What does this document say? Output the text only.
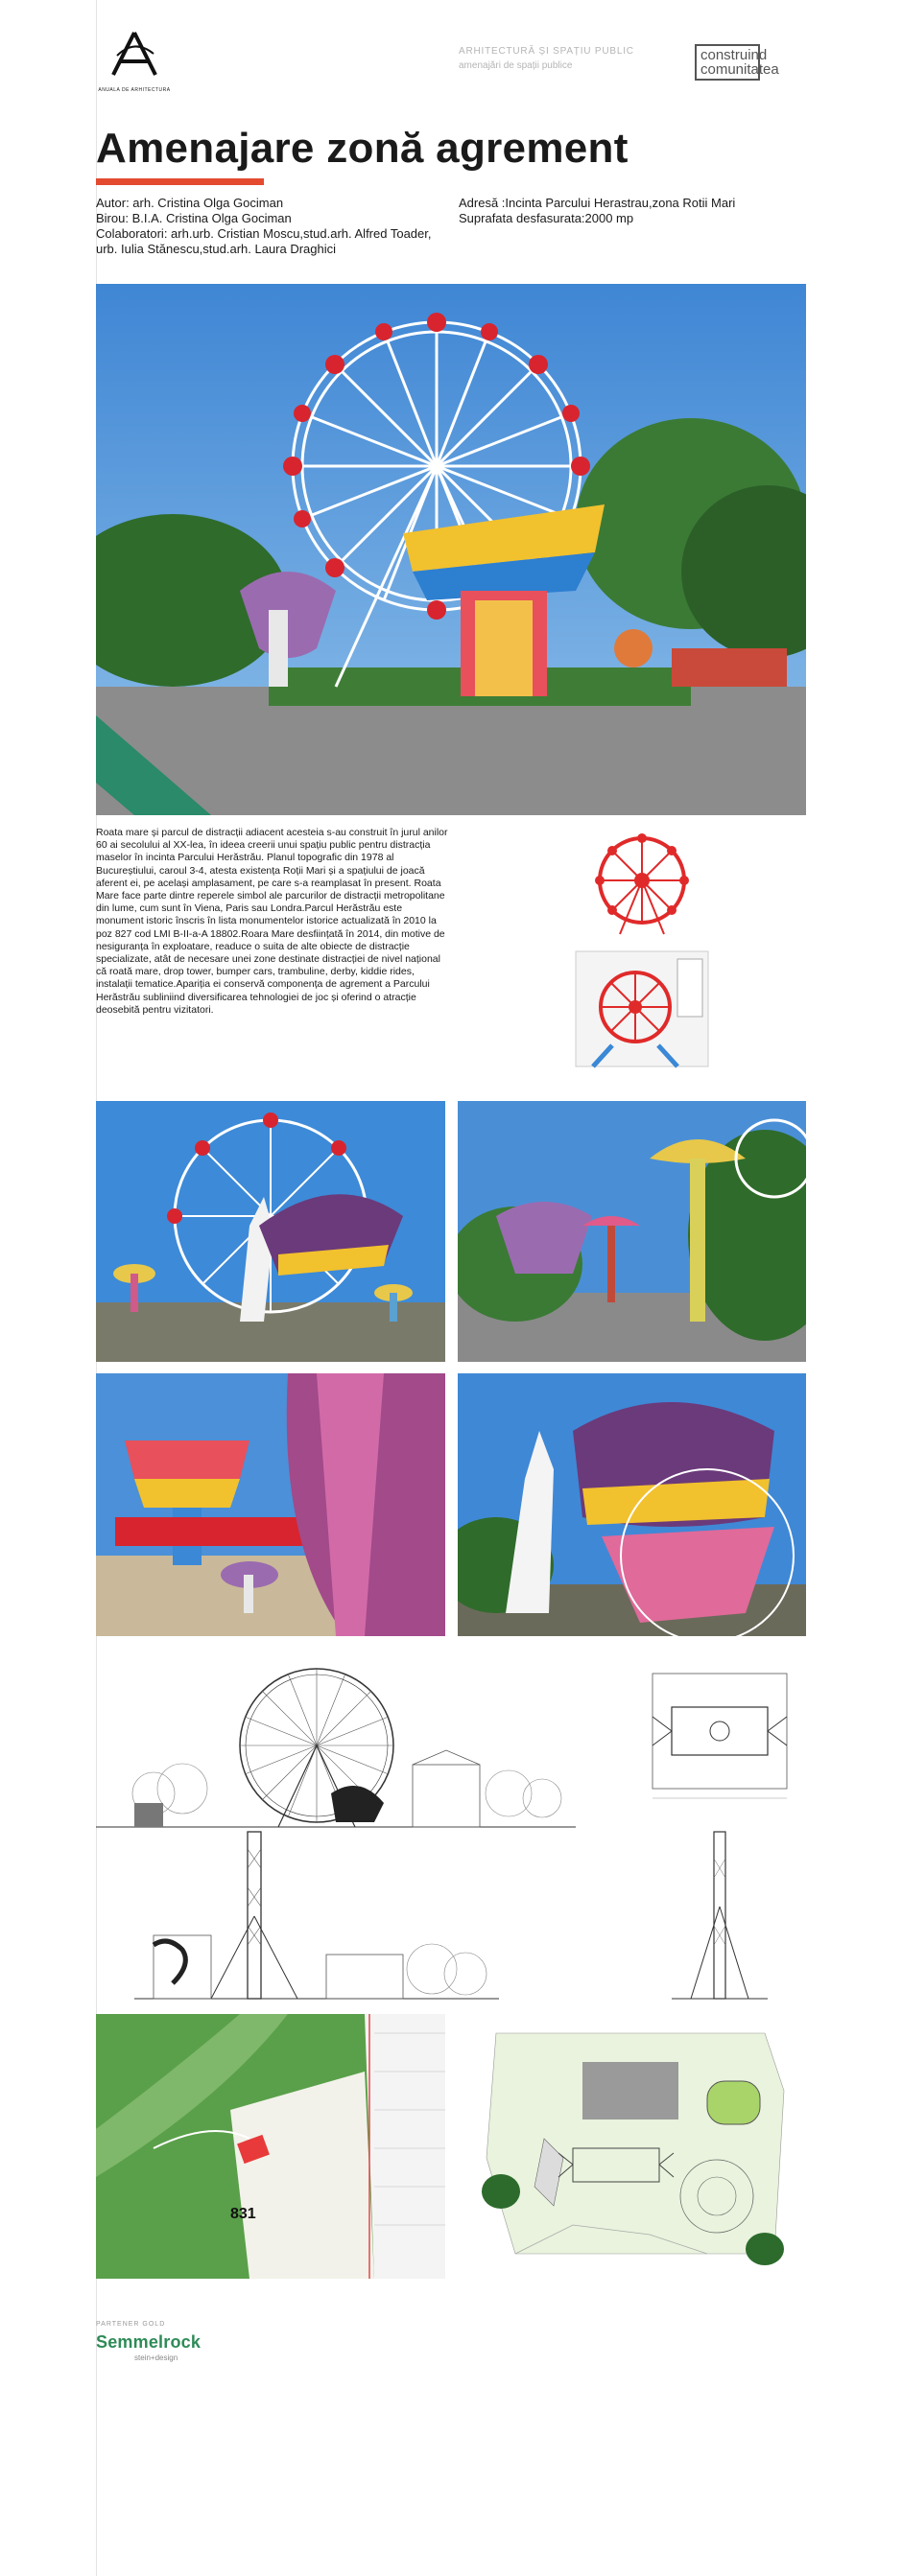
ANUALA DE ARHITECTURA
ARHITECTURĂ ȘI SPAȚIU PUBLIC
amenajări de spații publice
construind
comunitatea
Amenajare zonă agrement
Autor: arh. Cristina Olga Gociman
Birou: B.I.A. Cristina Olga Gociman
Colaboratori: arh.urb. Cristian Moscu,stud.arh. Alfred Toader, urb. Iulia Stănescu,stud.arh. Laura Draghici
Adresă :Incinta Parcului Herastrau,zona Rotii Mari
Suprafata desfasurata:2000 mp
Roata mare și parcul de distracții adiacent acesteia s-au construit în jurul anilor 60 ai secolului al XX-lea, în ideea creerii unui spațiu public pentru distracția maselor în incinta Parcului Herăstrău. Planul topografic din 1978 al Bucureștiului, caroul 3-4, atesta existența Roții Mari și a spațiului de joacă aferent ei, pe același amplasament, pe care s-a reamplasat în present. Roata Mare face parte dintre reperele simbol ale parcurilor de distracții metropolitane din lume, cum sunt în Viena, Paris sau Londra.Parcul Herăstrău este monument istoric înscris în lista monumentelor istorice actualizată în 2010 la poz 827 cod LMI B-II-a-A 18802.Roara Mare desființată în 2014, din motive de nesiguranța în exploatare, readuce o suita de alte obiecte de distracție specializate, atât de necesare unei zone destinate distracției de nivel național că roată mare, drop tower, bumper cars, trambuline, derby, kiddie rides, instalații tematice.Apariția ei conservă componența de agrement a Parcului Herăstrău subliniind diversificarea tehnologiei de joc și oferind o atracție deosebită pentru vizitatori.
831
PARTENER GOLD
Semmelrock
stein+design
